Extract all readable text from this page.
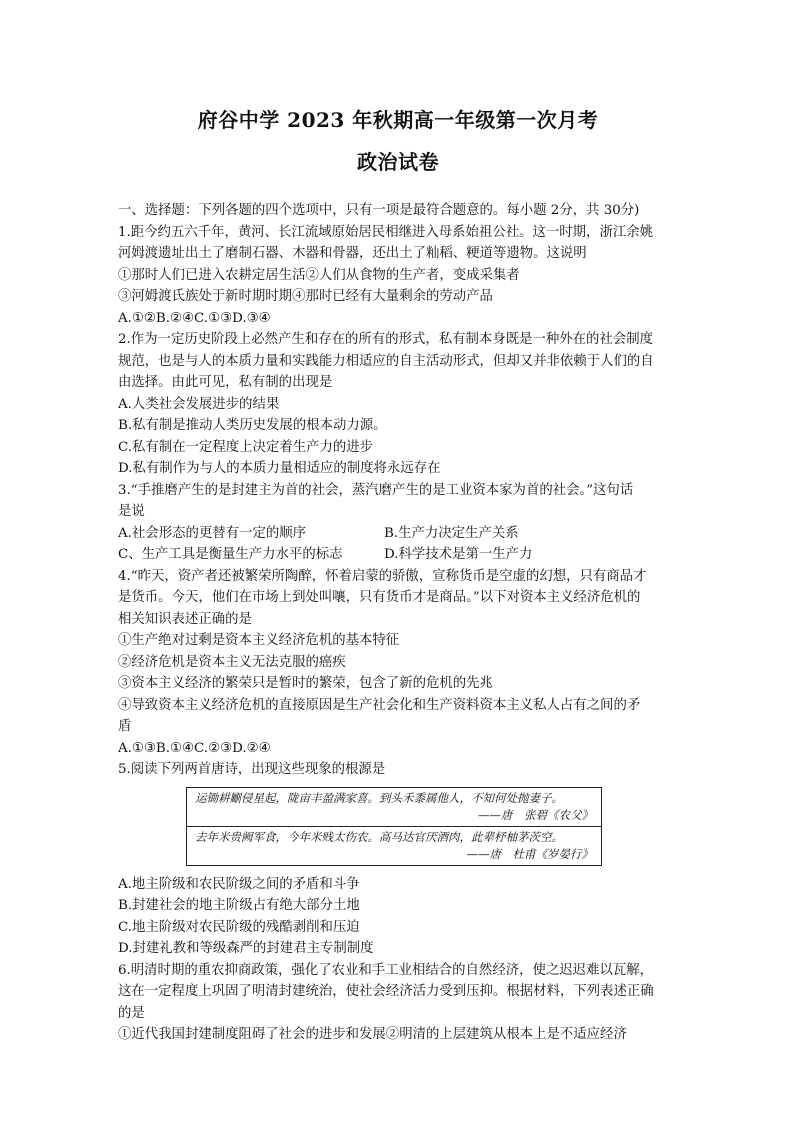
府谷中学 2023 年秋期高一年级第一次月考
政治试卷
一、选择题：下列各题的四个选项中，只有一项是最符合题意的。每小题 2分，共 30分)
1.距今约五六千年，黄河、长江流域原始居民相继进入母系始祖公社。这一时期，浙江余姚
河姆渡遗址出土了磨制石器、木器和骨器，还出土了籼稻、粳道等遗物。这说明
①那时人们已进入农耕定居生活②人们从食物的生产者，变成采集者
③河姆渡氏族处于新时期时期④那时已经有大量剩余的劳动产品
A.①②B.②④C.①③D.③④
2.作为一定历史阶段上必然产生和存在的所有的形式，私有制本身既是一种外在的社会制度
规范，也是与人的本质力量和实践能力相适应的自主活动形式，但却又并非依赖于人们的自
由选择。由此可见，私有制的出现是
A.人类社会发展进步的结果
B.私有制是推动人类历史发展的根本动力源。
C.私有制在一定程度上决定着生产力的进步
D.私有制作为与人的本质力量相适应的制度将永远存在
3.“手推磨产生的是封建主为首的社会，蒸汽磨产生的是工业资本家为首的社会。”这句话
是说
A.社会形态的更替有一定的顺序	B.生产力决定生产关系
C、生产工具是衡量生产力水平的标志	D.科学技术是第一生产力
4.“昨天，资产者还被繁荣所陶醉，怀着启蒙的骄傲，宣称货币是空虚的幻想，只有商品才
是货币。今天，他们在市场上到处叫嚷，只有货币才是商品。”以下对资本主义经济危机的
相关知识表述正确的是
①生产绝对过剩是资本主义经济危机的基本特征
②经济危机是资本主义无法克服的癌疾
③资本主义经济的繁荣只是暂时的繁荣，包含了新的危机的先兆
④导致资本主义经济危机的直接原因是生产社会化和生产资料资本主义私人占有之间的矛
盾
A.①③B.①④C.②③D.②④
5.阅读下列两首唐诗，出现这些现象的根源是
运锄耕劚侵星起，陇亩丰盈满家喜。到头禾黍属他人，不知何处抛妻子。
——唐　张碧《农父》
去年米贵阙军食，今年米贱太伤农。高马达官厌酒肉，此辈杼柚茅茨空。
——唐　杜甫《岁晏行》
A.地主阶级和农民阶级之间的矛盾和斗争
B.封建社会的地主阶级占有绝大部分土地
C.地主阶级对农民阶级的残酷剥削和压迫
D.封建礼教和等级森严的封建君主专制制度
6.明清时期的重农抑商政策，强化了农业和手工业相结合的自然经济，使之迟迟难以瓦解，
这在一定程度上巩固了明清封建统治，使社会经济活力受到压抑。根据材料，下列表述正确
的是
①近代我国封建制度阻碍了社会的进步和发展②明清的上层建筑从根本上是不适应经济
